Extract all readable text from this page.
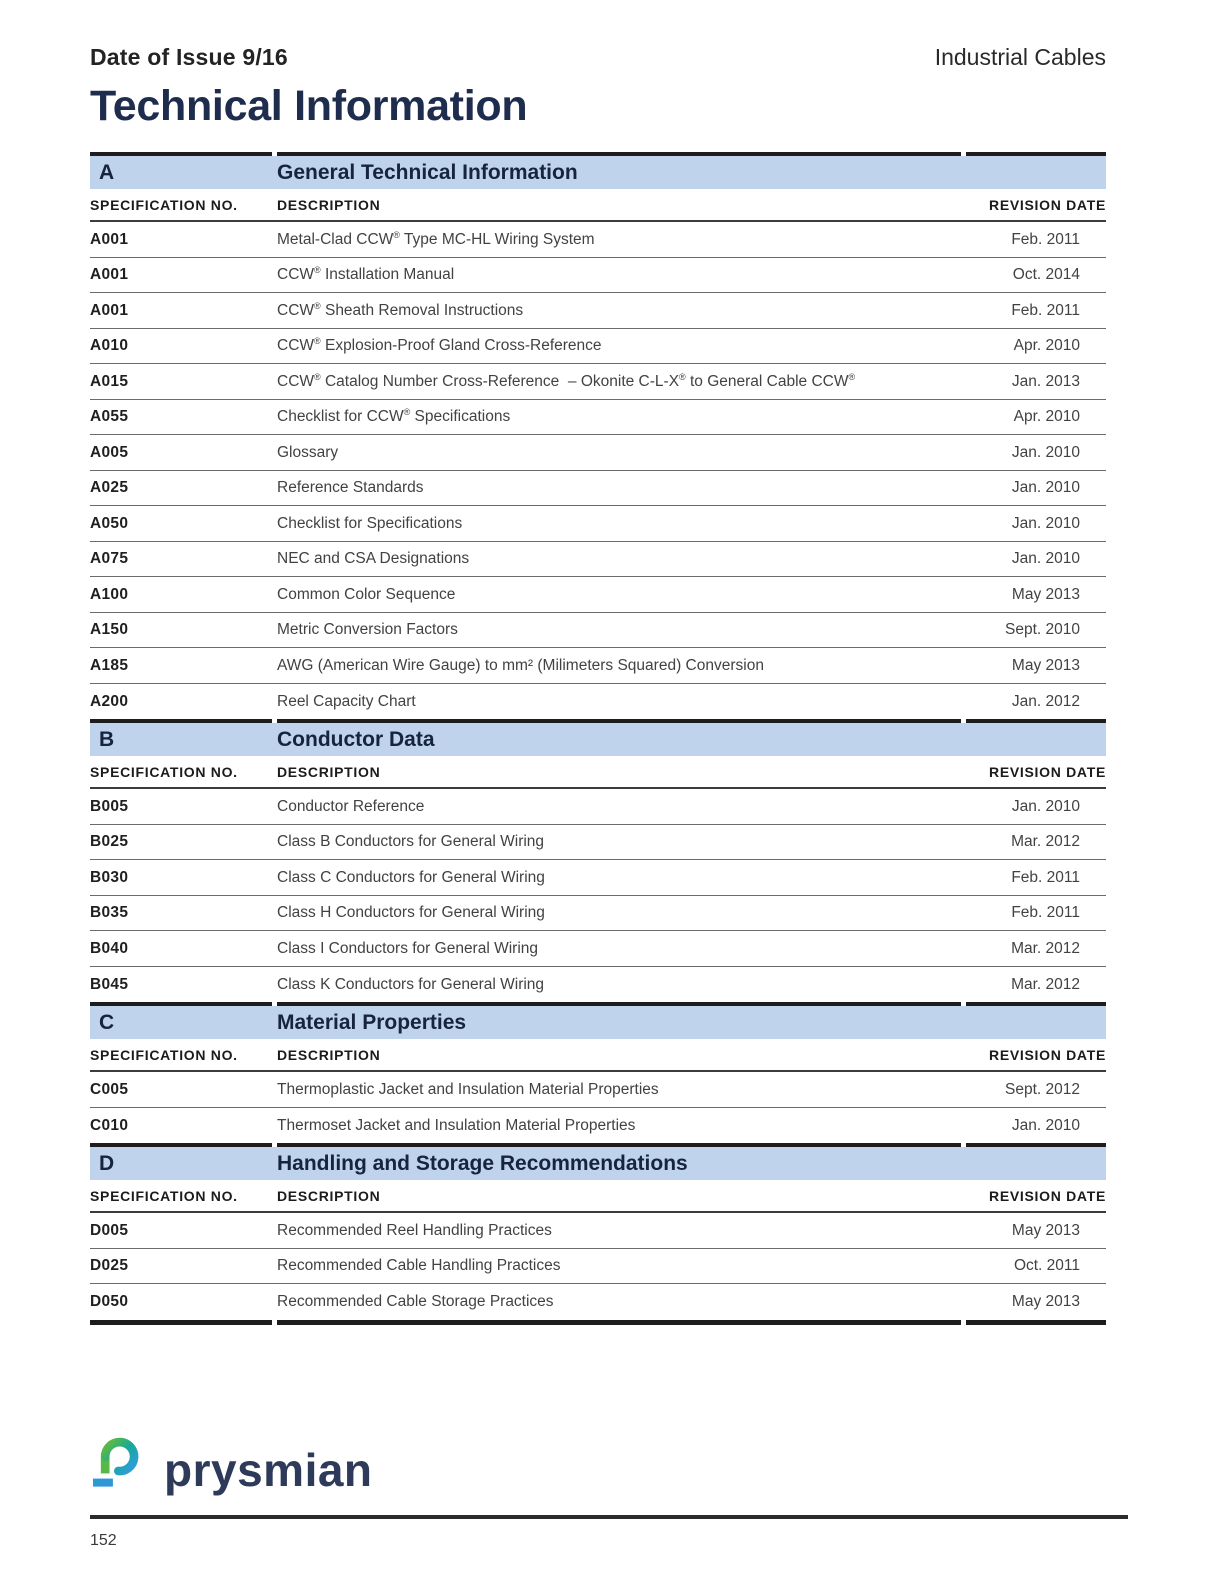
Date of Issue 9/16	Industrial Cables
Technical Information
A	General Technical Information
SPECIFICATION NO.	DESCRIPTION	REVISION DATE
A001	Metal-Clad CCW® Type MC-HL Wiring System	Feb. 2011
A001	CCW® Installation Manual	Oct. 2014
A001	CCW® Sheath Removal Instructions	Feb. 2011
A010	CCW® Explosion-Proof Gland Cross-Reference	Apr. 2010
A015	CCW® Catalog Number Cross-Reference  – Okonite C-L-X® to General Cable CCW®	Jan. 2013
A055	Checklist for CCW® Specifications	Apr. 2010
A005	Glossary	Jan. 2010
A025	Reference Standards	Jan. 2010
A050	Checklist for Specifications	Jan. 2010
A075	NEC and CSA Designations	Jan. 2010
A100	Common Color Sequence	May 2013
A150	Metric Conversion Factors	Sept. 2010
A185	AWG (American Wire Gauge) to mm² (Milimeters Squared) Conversion	May 2013
A200	Reel Capacity Chart	Jan. 2012
B	Conductor Data
SPECIFICATION NO.	DESCRIPTION	REVISION DATE
B005	Conductor Reference	Jan. 2010
B025	Class B Conductors for General Wiring	Mar. 2012
B030	Class C Conductors for General Wiring	Feb. 2011
B035	Class H Conductors for General Wiring	Feb. 2011
B040	Class I Conductors for General Wiring	Mar. 2012
B045	Class K Conductors for General Wiring	Mar. 2012
C	Material Properties
SPECIFICATION NO.	DESCRIPTION	REVISION DATE
C005	Thermoplastic Jacket and Insulation Material Properties	Sept. 2012
C010	Thermoset Jacket and Insulation Material Properties	Jan. 2010
D	Handling and Storage Recommendations
SPECIFICATION NO.	DESCRIPTION	REVISION DATE
D005	Recommended Reel Handling Practices	May 2013
D025	Recommended Cable Handling Practices	Oct. 2011
D050	Recommended Cable Storage Practices	May 2013
prysmian
152
